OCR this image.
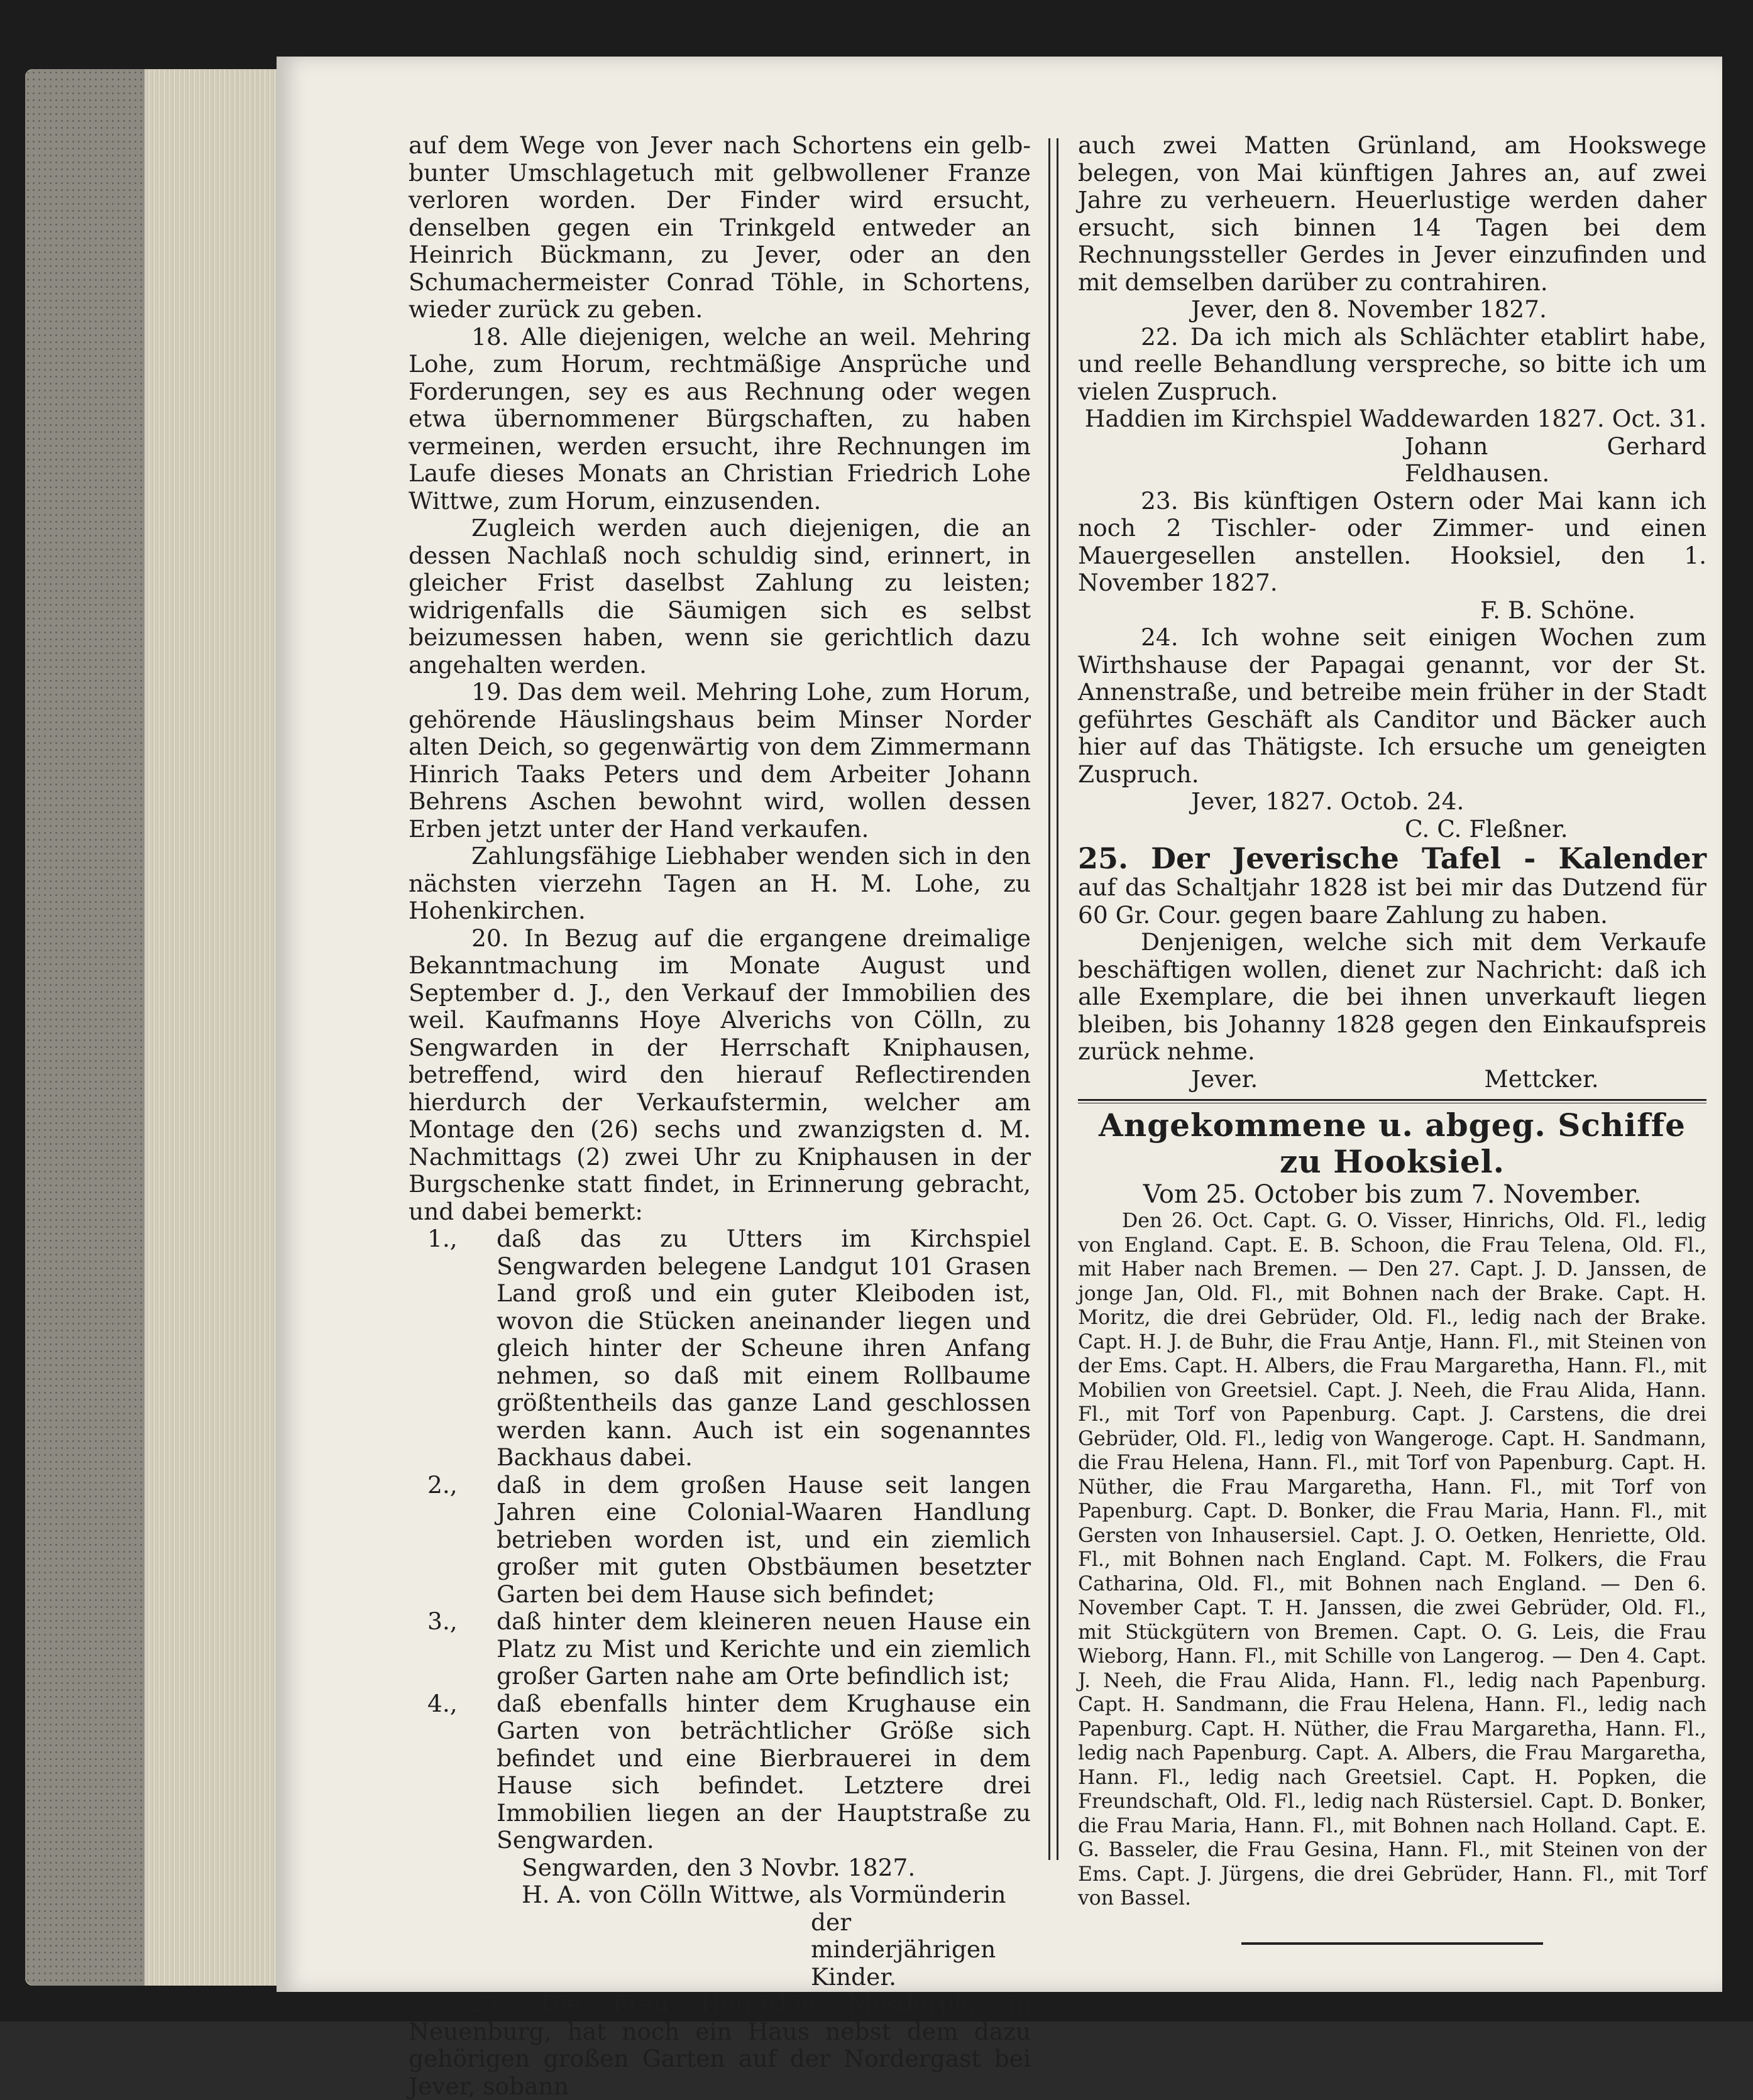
auf dem Wege von Jever nach Schortens ein gelb-bunter Umschlagetuch mit gelbwollener Franze verloren worden. Der Finder wird ersucht, denselben gegen ein Trinkgeld entweder an Heinrich Bückmann, zu Jever, oder an den Schumachermeister Conrad Töhle, in Schortens, wieder zurück zu geben.

18. Alle diejenigen, welche an weil. Mehring Lohe, zum Horum, rechtmäßige Ansprüche und Forderungen, sey es aus Rechnung oder wegen etwa übernommener Bürgschaften, zu haben vermeinen, werden ersucht, ihre Rechnungen im Laufe dieses Monats an Christian Friedrich Lohe Wittwe, zum Horum, einzusenden.

Zugleich werden auch diejenigen, die an dessen Nachlaß noch schuldig sind, erinnert, in gleicher Frist daselbst Zahlung zu leisten; widrigenfalls die Säumigen sich es selbst beizumessen haben, wenn sie gerichtlich dazu angehalten werden.

19. Das dem weil. Mehring Lohe, zum Horum, gehörende Häuslingshaus beim Minser Norder alten Deich, so gegenwärtig von dem Zimmermann Hinrich Taaks Peters und dem Arbeiter Johann Behrens Aschen bewohnt wird, wollen dessen Erben jetzt unter der Hand verkaufen.

Zahlungsfähige Liebhaber wenden sich in den nächsten vierzehn Tagen an H. M. Lohe, zu Hohenkirchen.

20. In Bezug auf die ergangene dreimalige Bekanntmachung im Monate August und September d. J., den Verkauf der Immobilien des weil. Kaufmanns Hoye Alverichs von Cölln, zu Sengwarden in der Herrschaft Kniphausen, betreffend, wird den hierauf Reflectirenden hierdurch der Verkaufstermin, welcher am Montage den (26) sechs und zwanzigsten d. M. Nachmittags (2) zwei Uhr zu Kniphausen in der Burgschenke statt findet, in Erinnerung gebracht, und dabei bemerkt:

1.,	daß das zu Utters im Kirchspiel Sengwarden belegene Landgut 101 Grasen Land groß und ein guter Kleiboden ist, wovon die Stücken aneinander liegen und gleich hinter der Scheune ihren Anfang nehmen, so daß mit einem Rollbaume größtentheils das ganze Land geschlossen werden kann. Auch ist ein sogenanntes Backhaus dabei.
2.,	daß in dem großen Hause seit langen Jahren eine Colonial-Waaren Handlung betrieben worden ist, und ein ziemlich großer mit guten Obstbäumen besetzter Garten bei dem Hause sich befindet;
3.,	daß hinter dem kleineren neuen Hause ein Platz zu Mist und Kerichte und ein ziemlich großer Garten nahe am Orte befindlich ist;
4.,	daß ebenfalls hinter dem Krughause ein Garten von beträchtlicher Größe sich befindet und eine Bierbrauerei in dem Hause sich befindet. Letztere drei Immobilien liegen an der Hauptstraße zu Sengwarden.

Sengwarden, den 3 Novbr. 1827.

H. A. von Cölln Wittwe, als Vormünderin

der minderjährigen Kinder.

21. Die Frau Hofräthin Mosdorph, in Neuenburg, hat noch ein Haus nebst dem dazu gehörigen großen Garten auf der Nordergast bei Jever, sobann

auch zwei Matten Grünland, am Hookswege belegen, von Mai künftigen Jahres an, auf zwei Jahre zu verheuern. Heuerlustige werden daher ersucht, sich binnen 14 Tagen bei dem Rechnungssteller Gerdes in Jever einzufinden und mit demselben darüber zu contrahiren.

Jever, den 8. November 1827.

22. Da ich mich als Schlächter etablirt habe, und reelle Behandlung verspreche, so bitte ich um vielen Zuspruch.

Haddien im Kirchspiel Waddewarden 1827. Oct. 31.

Johann Gerhard Feldhausen.

23. Bis künftigen Ostern oder Mai kann ich noch 2 Tischler- oder Zimmer- und einen Mauergesellen anstellen. Hooksiel, den 1. November 1827.

F. B. Schöne.

24. Ich wohne seit einigen Wochen zum Wirthshause der Papagai genannt, vor der St. Annenstraße, und betreibe mein früher in der Stadt geführtes Geschäft als Canditor und Bäcker auch hier auf das Thätigste. Ich ersuche um geneigten Zuspruch.

Jever, 1827. Octob. 24.

C. C. Fleßner.

25. Der Jeverische Tafel - Kalender

auf das Schaltjahr 1828 ist bei mir das Dutzend für 60 Gr. Cour. gegen baare Zahlung zu haben.

Denjenigen, welche sich mit dem Verkaufe beschäftigen wollen, dienet zur Nachricht: daß ich alle Exemplare, die bei ihnen unverkauft liegen bleiben, bis Johanny 1828 gegen den Einkaufspreis zurück nehme.

Jever.	Mettcker.

Angekommene u. abgeg. Schiffe zu Hooksiel.

Vom 25. October bis zum 7. November.

Den 26. Oct. Capt. G. O. Visser, Hinrichs, Old. Fl., ledig von England. Capt. E. B. Schoon, die Frau Telena, Old. Fl., mit Haber nach Bremen. — Den 27. Capt. J. D. Janssen, de jonge Jan, Old. Fl., mit Bohnen nach der Brake. Capt. H. Moritz, die drei Gebrüder, Old. Fl., ledig nach der Brake. Capt. H. J. de Buhr, die Frau Antje, Hann. Fl., mit Steinen von der Ems. Capt. H. Albers, die Frau Margaretha, Hann. Fl., mit Mobilien von Greetsiel. Capt. J. Neeh, die Frau Alida, Hann. Fl., mit Torf von Papenburg. Capt. J. Carstens, die drei Gebrüder, Old. Fl., ledig von Wangeroge. Capt. H. Sandmann, die Frau Helena, Hann. Fl., mit Torf von Papenburg. Capt. H. Nüther, die Frau Margaretha, Hann. Fl., mit Torf von Papenburg. Capt. D. Bonker, die Frau Maria, Hann. Fl., mit Gersten von Inhausersiel. Capt. J. O. Oetken, Henriette, Old. Fl., mit Bohnen nach England. Capt. M. Folkers, die Frau Catharina, Old. Fl., mit Bohnen nach England. — Den 6. November Capt. T. H. Janssen, die zwei Gebrüder, Old. Fl., mit Stückgütern von Bremen. Capt. O. G. Leis, die Frau Wieborg, Hann. Fl., mit Schille von Langerog. — Den 4. Capt. J. Neeh, die Frau Alida, Hann. Fl., ledig nach Papenburg. Capt. H. Sandmann, die Frau Helena, Hann. Fl., ledig nach Papenburg. Capt. H. Nüther, die Frau Margaretha, Hann. Fl., ledig nach Papenburg. Capt. A. Albers, die Frau Margaretha, Hann. Fl., ledig nach Greetsiel. Capt. H. Popken, die Freundschaft, Old. Fl., ledig nach Rüstersiel. Capt. D. Bonker, die Frau Maria, Hann. Fl., mit Bohnen nach Holland. Capt. E. G. Basseler, die Frau Gesina, Hann. Fl., mit Steinen von der Ems. Capt. J. Jürgens, die drei Gebrüder, Hann. Fl., mit Torf von Bassel.
